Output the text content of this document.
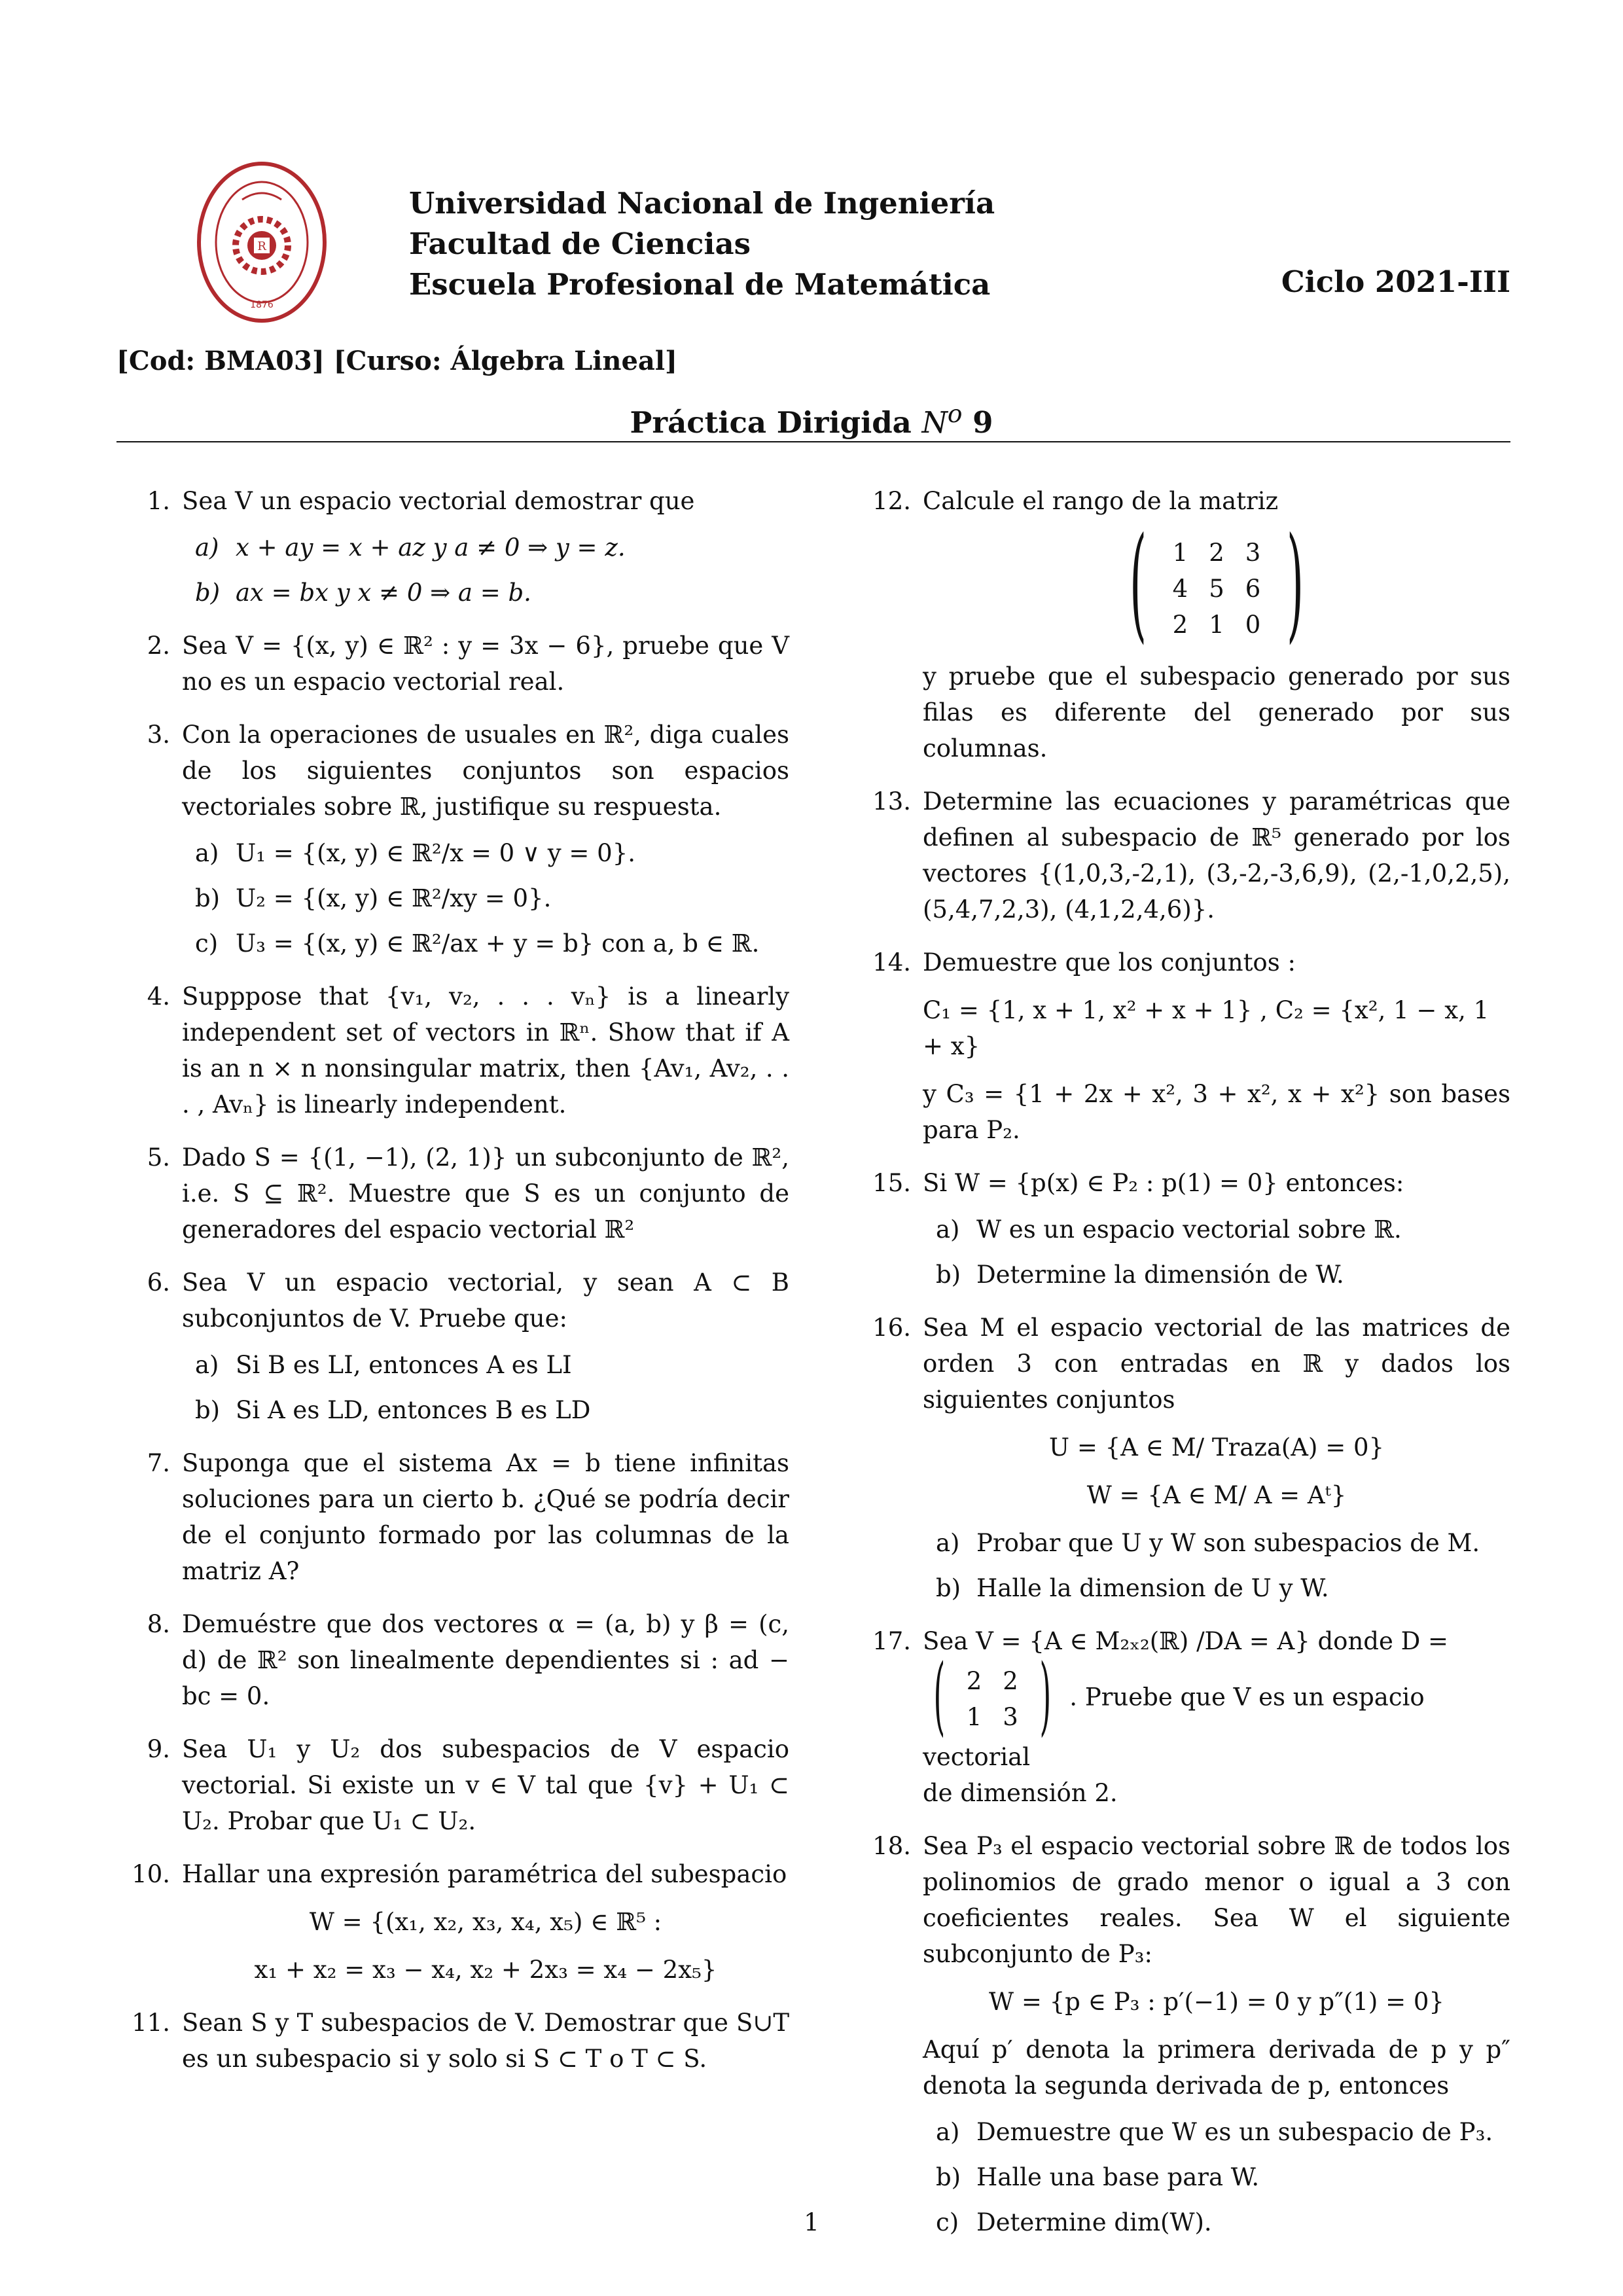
R
1876
Universidad Nacional de Ingeniería
Facultad de Ciencias
Escuela Profesional de Matemática	Ciclo 2021-III
[Cod: BMA03] [Curso: Álgebra Lineal]
Práctica Dirigida $N^o$ 9
1. Sea V un espacio vectorial demostrar que
a) x + ay = x + az y a ≠ 0 ⇒ y = z.
b) ax = bx y x ≠ 0 ⇒ a = b.
2. Sea V = {(x, y) ∈ ℝ² : y = 3x − 6}, pruebe que V no es un espacio vectorial real.
3. Con la operaciones de usuales en ℝ², diga cuales de los siguientes conjuntos son espacios vectoriales sobre ℝ, justifique su respuesta.
a) U₁ = {(x, y) ∈ ℝ²/x = 0 ∨ y = 0}.
b) U₂ = {(x, y) ∈ ℝ²/xy = 0}.
c) U₃ = {(x, y) ∈ ℝ²/ax + y = b} con a, b ∈ ℝ.
4. Supppose that {v₁, v₂, . . . vₙ} is a linearly independent set of vectors in ℝⁿ. Show that if A is an n × n nonsingular matrix, then {Av₁, Av₂, . . . , Avₙ} is linearly independent.
5. Dado S = {(1, −1), (2, 1)} un subconjunto de ℝ², i.e. S ⊆ ℝ². Muestre que S es un conjunto de generadores del espacio vectorial ℝ²
6. Sea V un espacio vectorial, y sean A ⊂ B subconjuntos de V. Pruebe que:
a) Si B es LI, entonces A es LI
b) Si A es LD, entonces B es LD
7. Suponga que el sistema Ax = b tiene infinitas soluciones para un cierto b. ¿Qué se podría decir de el conjunto formado por las columnas de la matriz A?
8. Demuéstre que dos vectores α = (a, b) y β = (c, d) de ℝ² son linealmente dependientes si : ad − bc = 0.
9. Sea U₁ y U₂ dos subespacios de V espacio vectorial. Si existe un v ∈ V tal que {v} + U₁ ⊂ U₂. Probar que U₁ ⊂ U₂.
10. Hallar una expresión paramétrica del subespacio
W = {(x₁, x₂, x₃, x₄, x₅) ∈ ℝ⁵ :
x₁ + x₂ = x₃ − x₄, x₂ + 2x₃ = x₄ − 2x₅}
11. Sean S y T subespacios de V. Demostrar que S∪T es un subespacio si y solo si S ⊂ T o T ⊂ S.
12. Calcule el rango de la matriz
( 1	2	3
4	5	6
2	1	0 )
y pruebe que el subespacio generado por sus filas es diferente del generado por sus columnas.
13. Determine las ecuaciones y paramétricas que definen al subespacio de ℝ⁵ generado por los vectores {(1,0,3,-2,1), (3,-2,-3,6,9), (2,-1,0,2,5), (5,4,7,2,3), (4,1,2,4,6)}.
14. Demuestre que los conjuntos :
C₁ = {1, x + 1, x² + x + 1} , C₂ = {x², 1 − x, 1 + x}
y C₃ = {1 + 2x + x², 3 + x², x + x²} son bases para P₂.
15. Si W = {p(x) ∈ P₂ : p(1) = 0} entonces:
a) W es un espacio vectorial sobre ℝ.
b) Determine la dimensión de W.
16. Sea M el espacio vectorial de las matrices de orden 3 con entradas en ℝ y dados los siguientes conjuntos
U = {A ∈ M/ Traza(A) = 0}
W = {A ∈ M/ A = Aᵗ}
a) Probar que U y W son subespacios de M.
b) Halle la dimension de U y W.
17. Sea V = {A ∈ M₂ₓ₂(ℝ) /DA = A} donde D =
( 2	2
1	3 ) . Pruebe que V es un espacio vectorial
de dimensión 2.
18. Sea P₃ el espacio vectorial sobre ℝ de todos los polinomios de grado menor o igual a 3 con coeficientes reales. Sea W el siguiente subconjunto de P₃:
W = {p ∈ P₃ : p′(−1) = 0 y p″(1) = 0}
Aquí p′ denota la primera derivada de p y p″ denota la segunda derivada de p, entonces
a) Demuestre que W es un subespacio de P₃.
b) Halle una base para W.
c) Determine dim(W).
1
